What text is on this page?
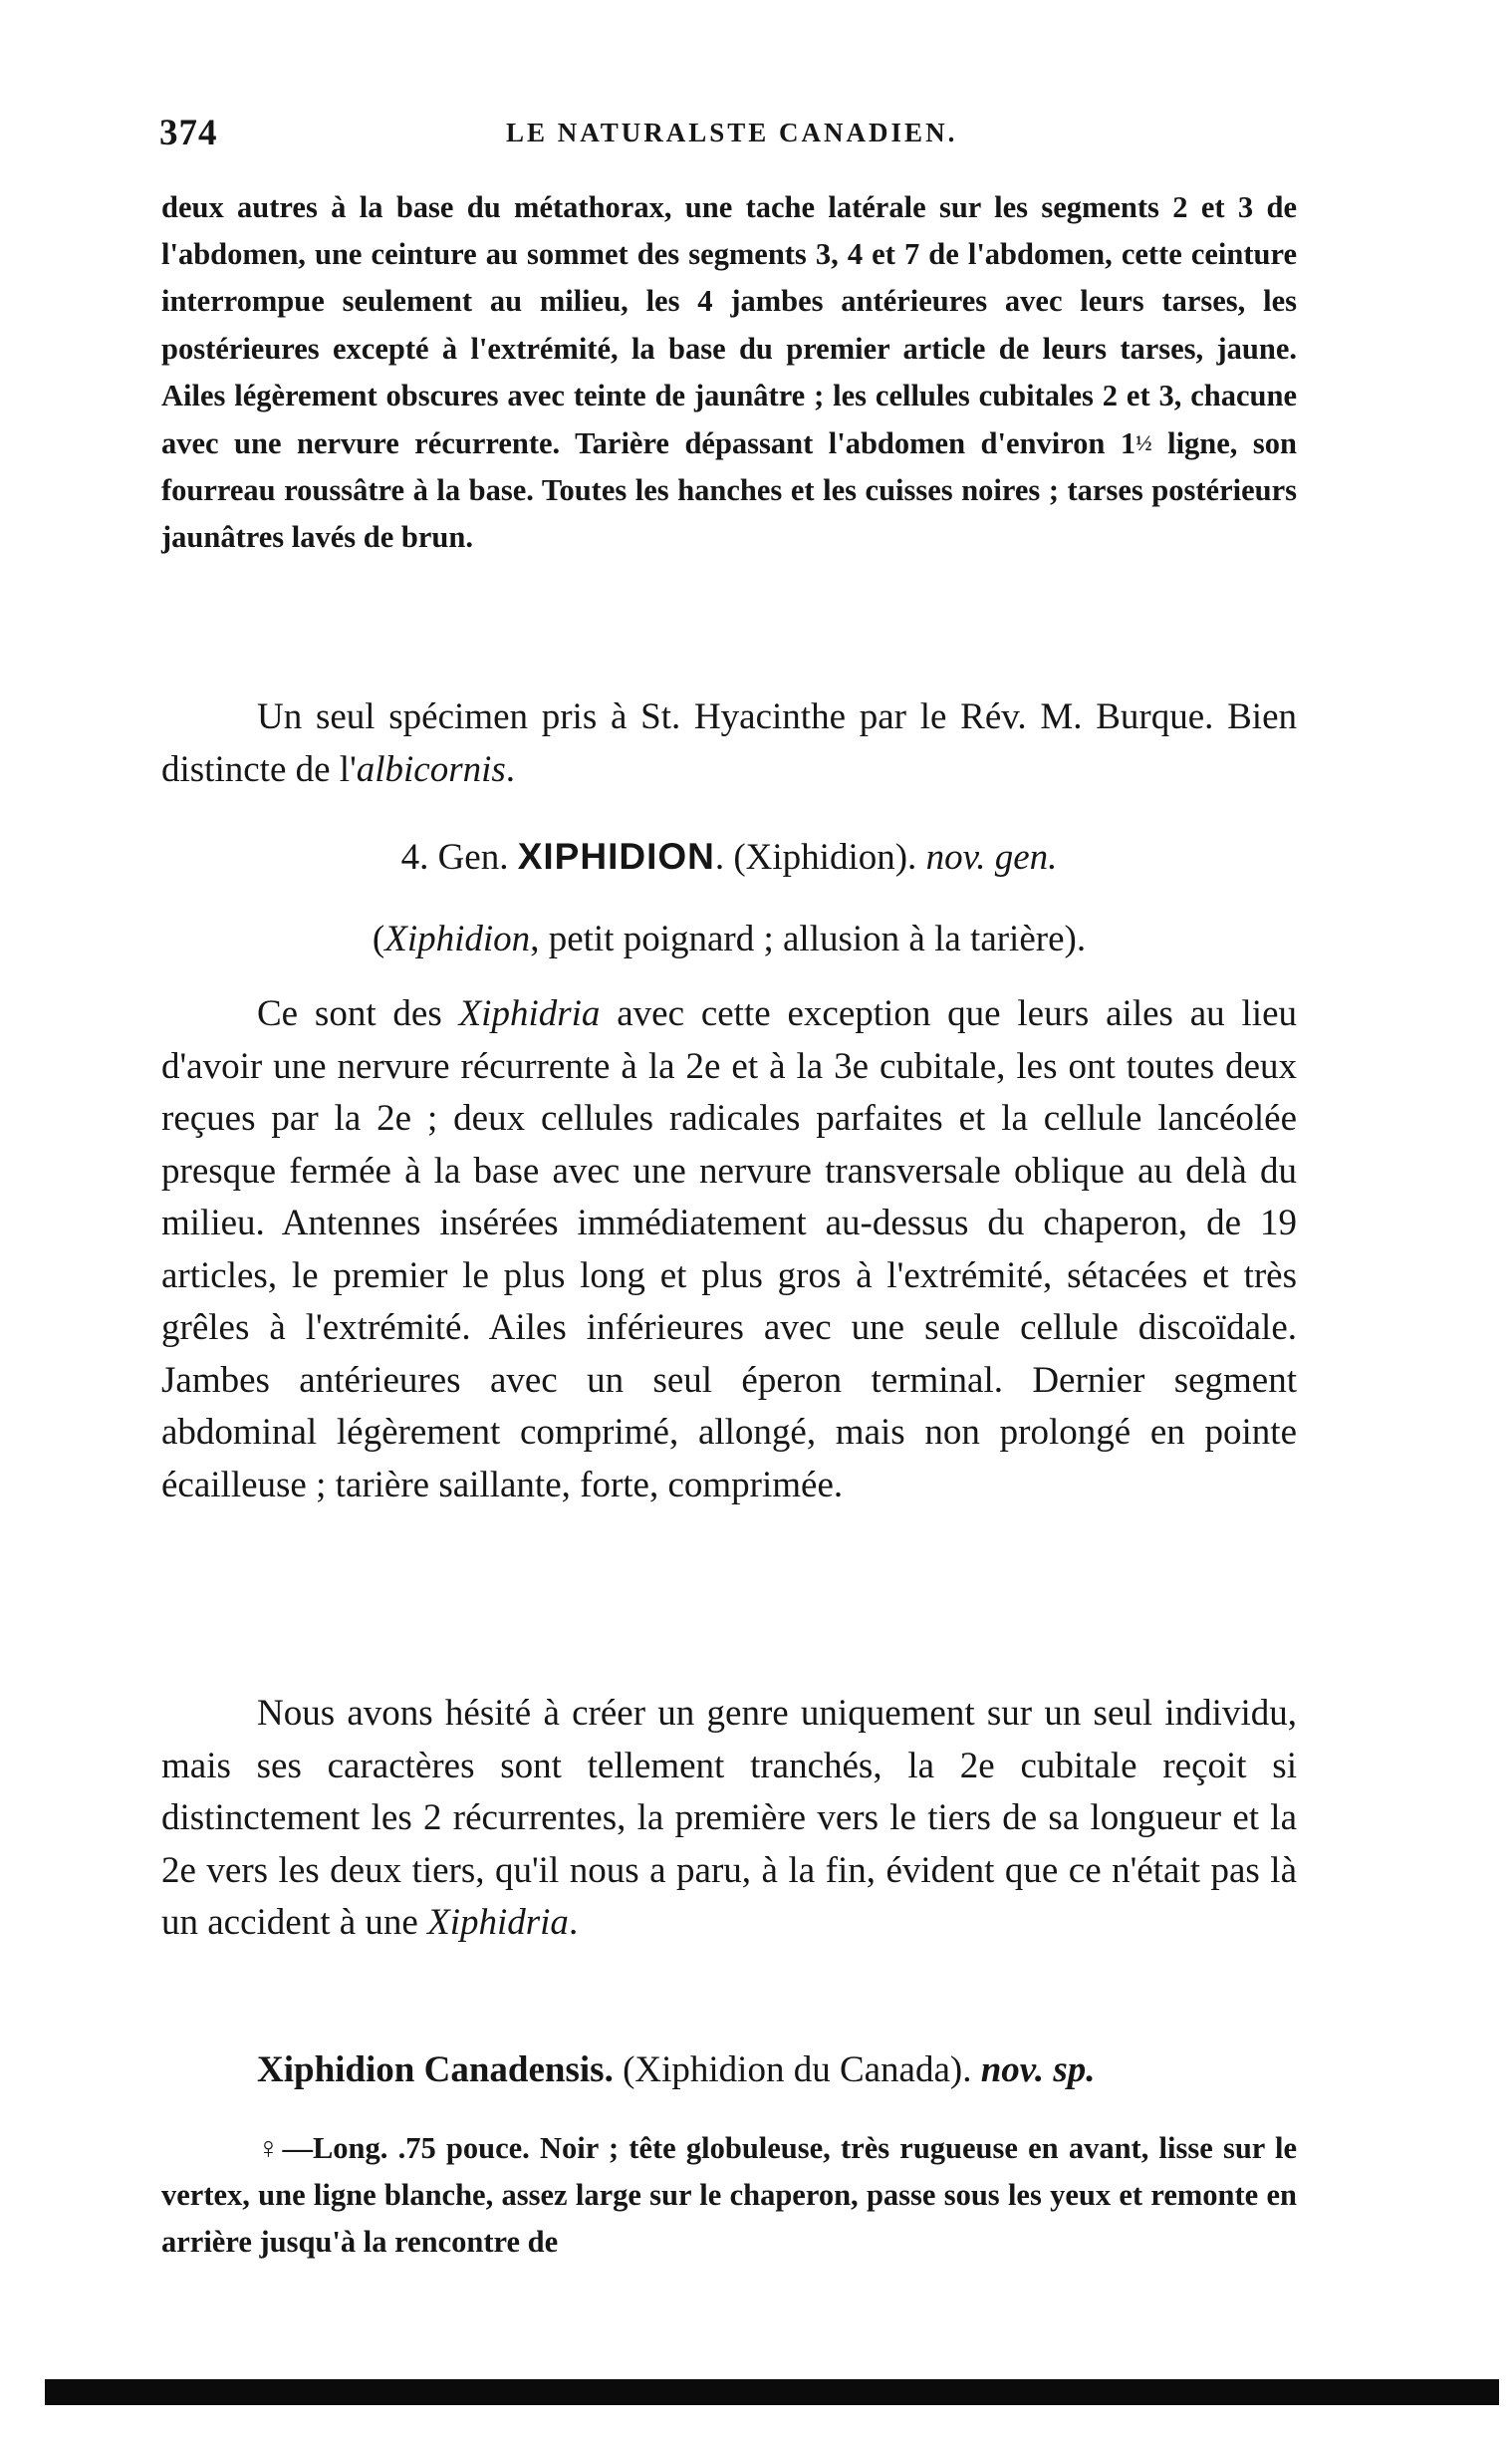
374	LE NATURALSTE CANADIEN.

deux autres à la base du métathorax, une tache latérale sur les segments 2 et 3 de l'abdomen, une ceinture au sommet des segments 3, 4 et 7 de l'abdomen, cette ceinture interrompue seulement au milieu, les 4 jambes antérieures avec leurs tarses, les postérieures excepté à l'extrémité, la base du premier article de leurs tarses, jaune. Ailes légèrement obscures avec teinte de jaunâtre ; les cellules cubitales 2 et 3, chacune avec une nervure récurrente. Tarière dépassant l'abdomen d'environ 1½ ligne, son fourreau roussâtre à la base. Toutes les hanches et les cuisses noires ; tarses postérieurs jaunâtres lavés de brun.

Un seul spécimen pris à St. Hyacinthe par le Rév. M. Burque. Bien distincte de l'albicornis.

4. Gen. XIPHIDION. (Xiphidion). nov. gen.

(Xiphidion, petit poignard ; allusion à la tarière).

Ce sont des Xiphidria avec cette exception que leurs ailes au lieu d'avoir une nervure récurrente à la 2e et à la 3e cubitale, les ont toutes deux reçues par la 2e ; deux cellules radicales parfaites et la cellule lancéolée presque fermée à la base avec une nervure transversale oblique au delà du milieu. Antennes insérées immédiatement au-dessus du chaperon, de 19 articles, le premier le plus long et plus gros à l'extrémité, sétacées et très grêles à l'extrémité. Ailes inférieures avec une seule cellule discoïdale. Jambes antérieures avec un seul éperon terminal. Dernier segment abdominal légèrement comprimé, allongé, mais non prolongé en pointe écailleuse ; tarière saillante, forte, comprimée.

Nous avons hésité à créer un genre uniquement sur un seul individu, mais ses caractères sont tellement tranchés, la 2e cubitale reçoit si distinctement les 2 récurrentes, la première vers le tiers de sa longueur et la 2e vers les deux tiers, qu'il nous a paru, à la fin, évident que ce n'était pas là un accident à une Xiphidria.

Xiphidion Canadensis. (Xiphidion du Canada). nov. sp.

♀—Long. .75 pouce. Noir ; tête globuleuse, très rugueuse en avant, lisse sur le vertex, une ligne blanche, assez large sur le chaperon, passe sous les yeux et remonte en arrière jusqu'à la rencontre de
